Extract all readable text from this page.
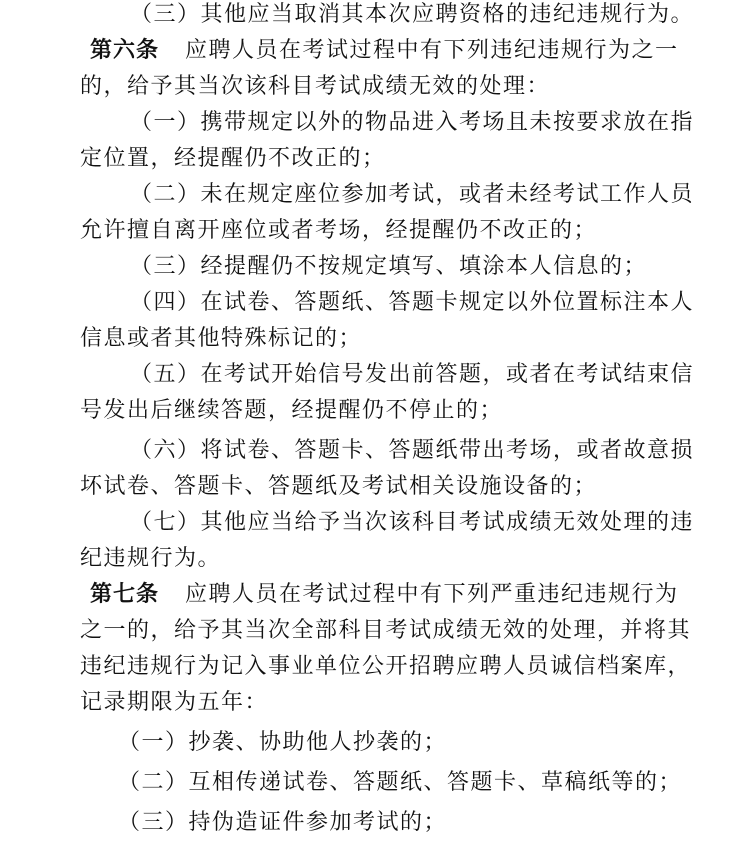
（三）其他应当取消其本次应聘资格的违纪违规行为。
第六条 应聘人员在考试过程中有下列违纪违规行为之一
的，给予其当次该科目考试成绩无效的处理：
（一）携带规定以外的物品进入考场且未按要求放在指
定位置，经提醒仍不改正的；
（二）未在规定座位参加考试，或者未经考试工作人员
允许擅自离开座位或者考场，经提醒仍不改正的；
（三）经提醒仍不按规定填写、填涂本人信息的；
（四）在试卷、答题纸、答题卡规定以外位置标注本人
信息或者其他特殊标记的；
（五）在考试开始信号发出前答题，或者在考试结束信
号发出后继续答题，经提醒仍不停止的；
（六）将试卷、答题卡、答题纸带出考场，或者故意损
坏试卷、答题卡、答题纸及考试相关设施设备的；
（七）其他应当给予当次该科目考试成绩无效处理的违
纪违规行为。
第七条 应聘人员在考试过程中有下列严重违纪违规行为
之一的，给予其当次全部科目考试成绩无效的处理，并将其
违纪违规行为记入事业单位公开招聘应聘人员诚信档案库，
记录期限为五年：
（一）抄袭、协助他人抄袭的；
（二）互相传递试卷、答题纸、答题卡、草稿纸等的；
（三）持伪造证件参加考试的；
